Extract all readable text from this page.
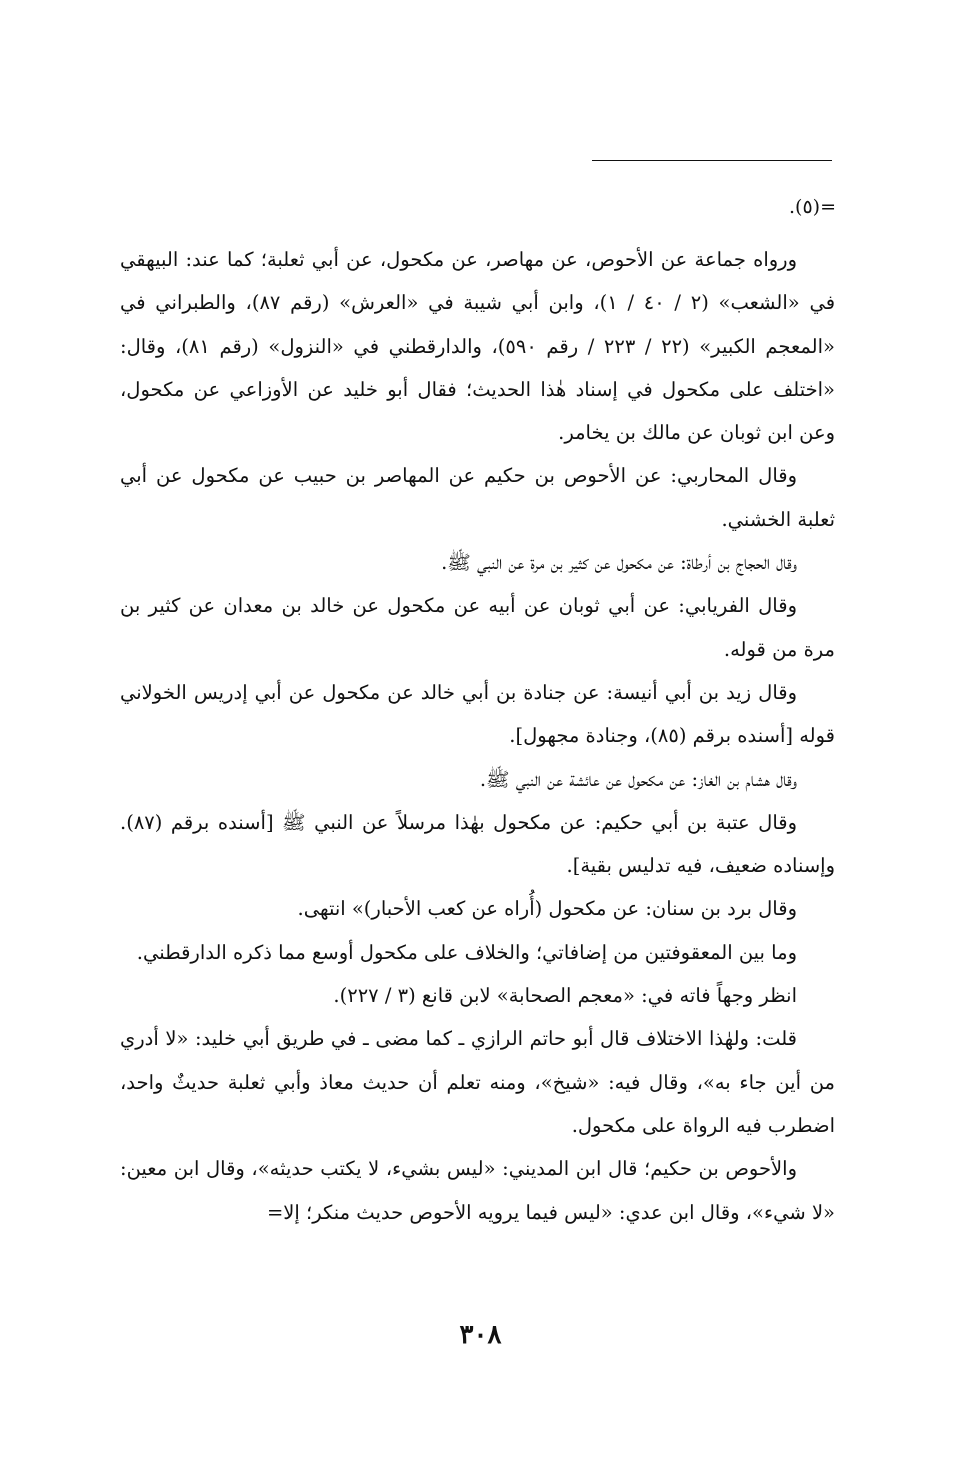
=(٥).

ورواه جماعة عن الأحوص، عن مهاصر، عن مكحول، عن أبي ثعلبة؛ كما عند: البيهقي في «الشعب» (٢ / ٤٠ / ١)، وابن أبي شيبة في «العرش» (رقم ٨٧)، والطبراني في «المعجم الكبير» (٢٢ / ٢٢٣ / رقم ٥٩٠)، والدارقطني في «النزول» (رقم ٨١)، وقال: «اختلف على مكحول في إسناد هٰذا الحديث؛ فقال أبو خليد عن الأوزاعي عن مكحول، وعن ابن ثوبان عن مالك بن يخامر.

وقال المحاربي: عن الأحوص بن حكيم عن المهاصر بن حبيب عن مكحول عن أبي ثعلبة الخشني.

وقال الحجاج بن أرطاة: عن مكحول عن كثير بن مرة عن النبي ﷺ.

وقال الفريابي: عن أبي ثوبان عن أبيه عن مكحول عن خالد بن معدان عن كثير بن مرة من قوله.

وقال زيد بن أبي أنيسة: عن جنادة بن أبي خالد عن مكحول عن أبي إدريس الخولاني قوله [أسنده برقم (٨٥)، وجنادة مجهول].

وقال هشام بن الغاز: عن مكحول عن عائشة عن النبي ﷺ.

وقال عتبة بن أبي حكيم: عن مكحول بهٰذا مرسلاً عن النبي ﷺ [أسنده برقم (٨٧). وإسناده ضعيف، فيه تدليس بقية].

وقال برد بن سنان: عن مكحول (أُراه عن كعب الأحبار)» انتهى.

وما بين المعقوفتين من إضافاتي؛ والخلاف على مكحول أوسع مما ذكره الدارقطني.

انظر وجهاً فاته في: «معجم الصحابة» لابن قانع (٣ / ٢٢٧).

قلت: ولهٰذا الاختلاف قال أبو حاتم الرازي ـ كما مضى ـ في طريق أبي خليد: «لا أدري من أين جاء به»، وقال فيه: «شيخ»، ومنه تعلم أن حديث معاذ وأبي ثعلبة حديثٌ واحد، اضطرب فيه الرواة على مكحول.

والأحوص بن حكيم؛ قال ابن المديني: «ليس بشيء، لا يكتب حديثه»، وقال ابن معين: «لا شيء»، وقال ابن عدي: «ليس فيما يرويه الأحوص حديث منكر؛ إلا=

٣٠٨
